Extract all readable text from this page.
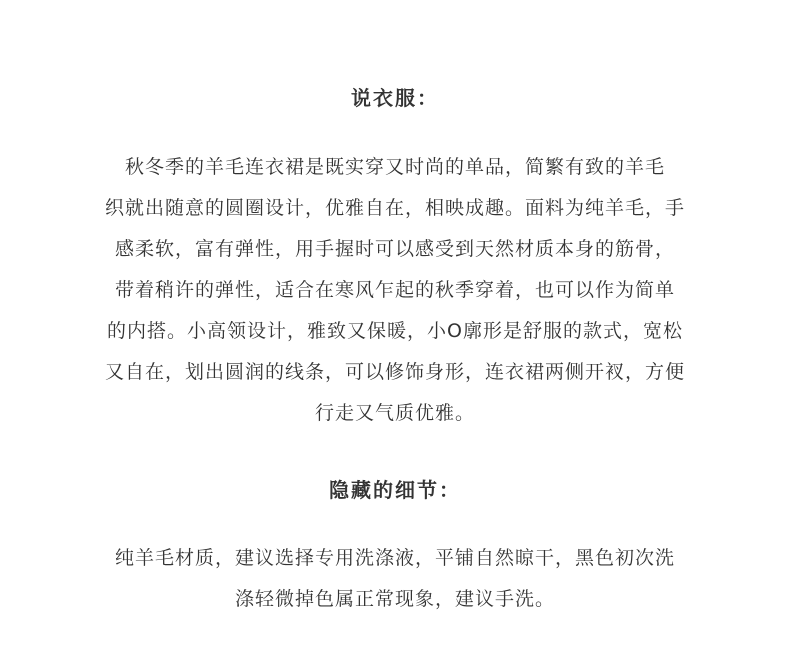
说衣服：
秋冬季的羊毛连衣裙是既实穿又时尚的单品，简繁有致的羊毛
织就出随意的圆圈设计，优雅自在，相映成趣。面料为纯羊毛，手
感柔软，富有弹性，用手握时可以感受到天然材质本身的筋骨，
带着稍许的弹性，适合在寒风乍起的秋季穿着，也可以作为简单
的内搭。小高领设计，雅致又保暖，小O廓形是舒服的款式，宽松
又自在，划出圆润的线条，可以修饰身形，连衣裙两侧开衩，方便
行走又气质优雅。
隐藏的细节：
纯羊毛材质，建议选择专用洗涤液，平铺自然晾干，黑色初次洗
涤轻微掉色属正常现象，建议手洗。
